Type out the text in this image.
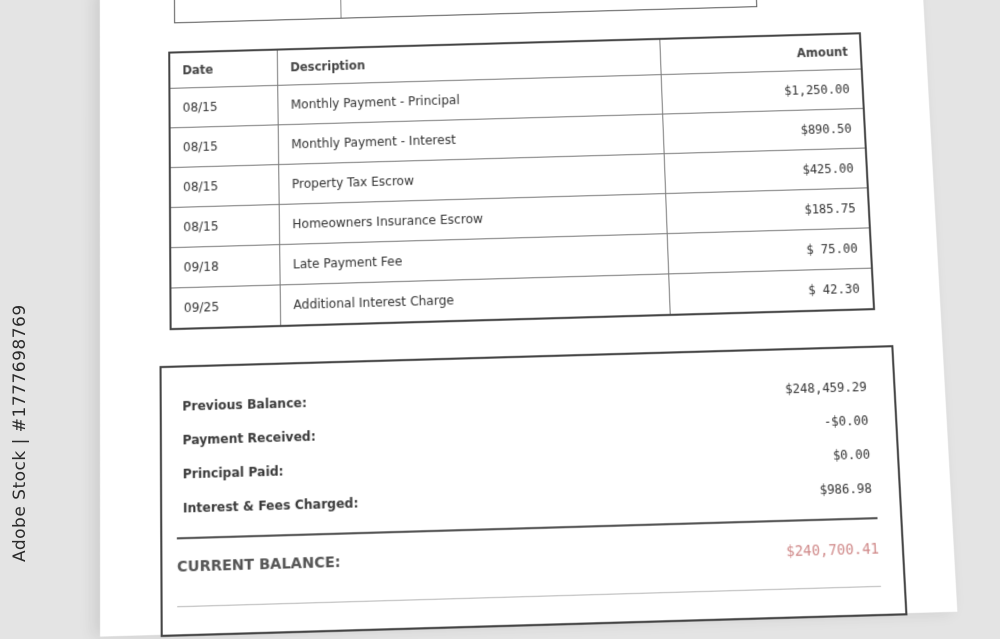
Adobe Stock | #1777698769
Date	Description	Amount
08/15	Monthly Payment - Principal	$1,250.00
08/15	Monthly Payment - Interest	$890.50
08/15	Property Tax Escrow	$425.00
08/15	Homeowners Insurance Escrow	$185.75
09/18	Late Payment Fee	$ 75.00
09/25	Additional Interest Charge	$ 42.30
Previous Balance:
$248,459.29
Payment Received:
-$0.00
Principal Paid:
$0.00
Interest & Fees Charged:
$986.98
CURRENT BALANCE:
$240,700.41
